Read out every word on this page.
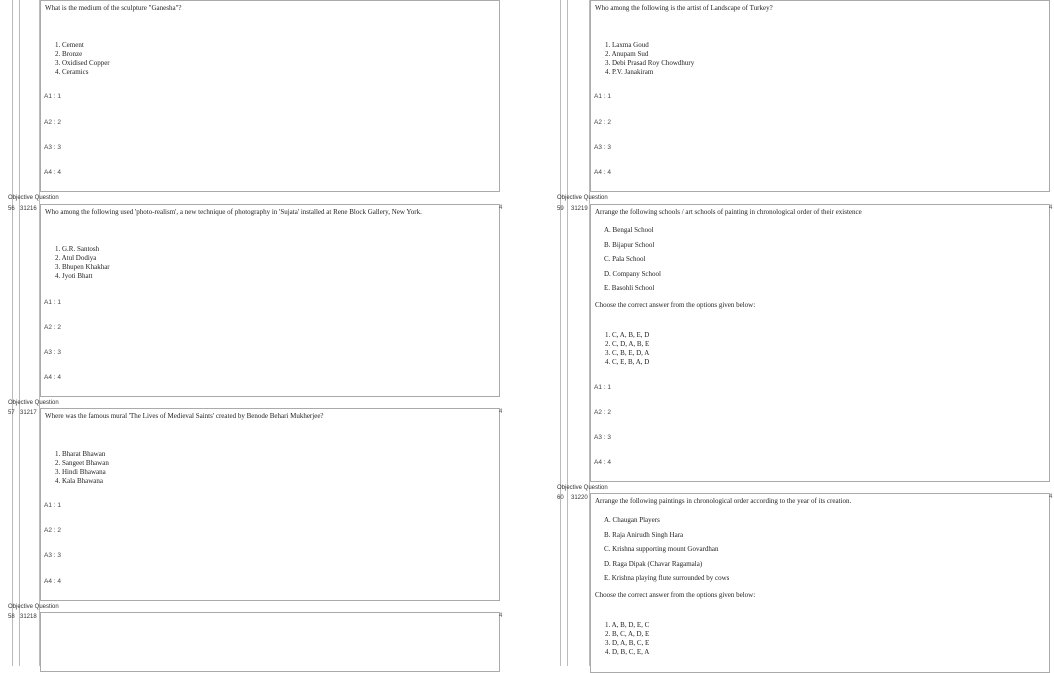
What is the medium of the sculpture "Ganesha"?
1. Cement
2. Bronze
3. Oxidised Copper
4. Ceramics
A1 : 1
A2 : 2
A3 : 3
A4 : 4
Objective Question
56 31216 Who among the following used 'photo-realism', a new technique of photography in 'Sujata' installed at Rene Block Gallery, New York.
1. G.R. Santosh
2. Atul Dodiya
3. Bhupen Khakhar
4. Jyoti Bhatt
A1 : 1
A2 : 2
A3 : 3
A4 : 4
4
Objective Question
57 31217 Where was the famous mural 'The Lives of Medieval Saints' created by Benode Behari Mukherjee?
1. Bharat Bhawan
2. Sangeet Bhawan
3. Hindi Bhawana
4. Kala Bhawana
A1 : 1
A2 : 2
A3 : 3
A4 : 4
4
Objective Question
58 31218	4
Who among the following is the artist of Landscape of Turkey?
1. Laxma Goud
2. Anupam Sud
3. Debi Prasad Roy Chowdhury
4. P.V. Janakiram
A1 : 1
A2 : 2
A3 : 3
A4 : 4
Objective Question
59 31219 Arrange the following schools / art schools of painting in chronological order of their existence
A. Bengal School
B. Bijapur School
C. Pala School
D. Company School
E. Basohli School
Choose the correct answer from the options given below:
1. C, A, B, E, D
2. C, D, A, B, E
3. C, B, E, D, A
4. C, E, B, A, D
A1 : 1
A2 : 2
A3 : 3
A4 : 4
4
Objective Question
60 31220 Arrange the following paintings in chronological order according to the year of its creation.
A. Chaugan Players
B. Raja Anirudh Singh Hara
C. Krishna supporting mount Govardhan
D. Raga Dipak (Chavar Ragamala)
E. Krishna playing flute surrounded by cows
Choose the correct answer from the options given below:
1. A, B, D, E, C
2. B, C, A, D, E
3. D, A, B, C, E
4. D, B, C, E, A
4
